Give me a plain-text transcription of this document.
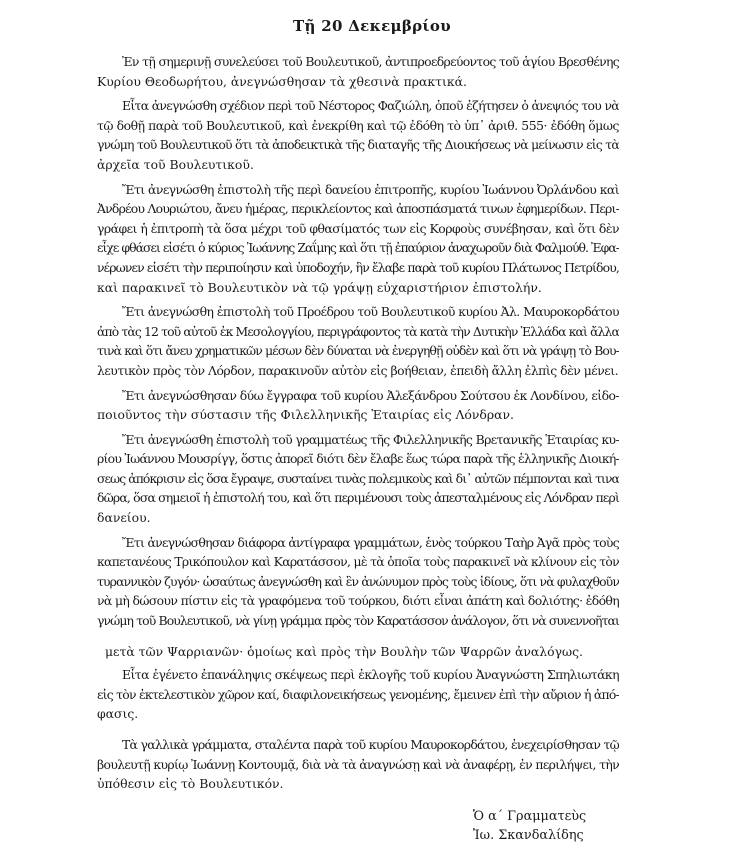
Τῇ 20 Δεκεμβρίου
Ἐν τῇ σημερινῇ συνελεύσει τοῦ Βουλευτικοῦ, ἀντιπροεδρεύοντος τοῦ ἁγίου Βρεσθένης
Κυρίου Θεοδωρήτου, ἀνεγνώσθησαν τὰ χθεσινὰ πρακτικά.
Εἶτα ἀνεγνώσθη σχέδιον περὶ τοῦ Νέστορος Φαζιώλη, ὁποῦ ἐζήτησεν ὁ ἀνεψιός του νὰ
τῷ δοθῇ παρὰ τοῦ Βουλευτικοῦ, καὶ ἐνεκρίθη καὶ τῷ ἐδόθη τὸ ὑπ᾽ ἀριθ. 555· ἐδόθη ὅμως
γνώμη τοῦ Βουλευτικοῦ ὅτι τὰ ἀποδεικτικὰ τῆς διαταγῆς τῆς Διοικήσεως νὰ μείνωσιν εἰς τὰ
ἀρχεῖα τοῦ Βουλευτικοῦ.
Ἔτι ἀνεγνώσθη ἐπιστολὴ τῆς περὶ δανείου ἐπιτροπῆς, κυρίου Ἰωάννου Ὀρλάνδου καὶ
Ἀνδρέου Λουριώτου, ἄνευ ἡμέρας, περικλείοντος καὶ ἀποσπάσματά τινων ἐφημερίδων. Περι-
γράφει ἡ ἐπιτροπὴ τὰ ὅσα μέχρι τοῦ φθασίματός των εἰς Κορφοὺς συνέβησαν, καὶ ὅτι δὲν
εἶχε φθάσει εἰσέτι ὁ κύριος Ἰωάννης Ζαΐμης καὶ ὅτι τῇ ἐπαύριον ἀναχωροῦν διὰ Φαλμούθ. Ἐφα-
νέρωνεν εἰσέτι τὴν περιποίησιν καὶ ὑποδοχήν, ἣν ἔλαβε παρὰ τοῦ κυρίου Πλάτωνος Πετρίδου,
καὶ παρακινεῖ τὸ Βουλευτικὸν νὰ τῷ γράψῃ εὐχαριστήριον ἐπιστολήν.
Ἔτι ἀνεγνώσθη ἐπιστολὴ τοῦ Προέδρου τοῦ Βουλευτικοῦ κυρίου Ἀλ. Μαυροκορδάτου
ἀπὸ τὰς 12 τοῦ αὐτοῦ ἐκ Μεσολογγίου, περιγράφοντος τὰ κατὰ τὴν Δυτικὴν Ἑλλάδα καὶ ἄλλα
τινὰ καὶ ὅτι ἄνευ χρηματικῶν μέσων δὲν δύναται νὰ ἐνεργηθῇ οὐδὲν καὶ ὅτι νὰ γράψῃ τὸ Βου-
λευτικὸν πρὸς τὸν Λόρδον, παρακινοῦν αὐτὸν εἰς βοήθειαν, ἐπειδὴ ἄλλη ἐλπὶς δὲν μένει.
Ἔτι ἀνεγνώσθησαν δύω ἔγγραφα τοῦ κυρίου Ἀλεξάνδρου Σούτσου ἐκ Λονδίνου, εἰδο-
ποιοῦντος τὴν σύστασιν τῆς Φιλελληνικῆς Ἑταιρίας εἰς Λόνδραν.
Ἔτι ἀνεγνώσθη ἐπιστολὴ τοῦ γραμματέως τῆς Φιλελληνικῆς Βρετανικῆς Ἑταιρίας κυ-
ρίου Ἰωάννου Μουσρίγγ, ὅστις ἀπορεῖ διότι δὲν ἔλαβε ἕως τώρα παρὰ τῆς ἑλληνικῆς Διοική-
σεως ἀπόκρισιν εἰς ὅσα ἔγραψε, συσταίνει τινὰς πολεμικοὺς καὶ δι᾽ αὐτῶν πέμπονται καὶ τινα
δῶρα, ὅσα σημειοῖ ἡ ἐπιστολή του, καὶ ὅτι περιμένουσι τοὺς ἀπεσταλμένους εἰς Λόνδραν περὶ
δανείου.
Ἔτι ἀνεγνώσθησαν διάφορα ἀντίγραφα γραμμάτων, ἑνὸς τούρκου Ταὴρ Ἀγᾶ πρὸς τοὺς
καπετανέους Τρικόπουλον καὶ Καρατάσσον, μὲ τὰ ὁποῖα τοὺς παρακινεῖ νὰ κλίνουν εἰς τὸν
τυραννικὸν ζυγόν· ὡσαύτως ἀνεγνώσθη καὶ ἓν ἀνώνυμον πρὸς τοὺς ἰδίους, ὅτι νὰ φυλαχθοῦν
νὰ μὴ δώσουν πίστιν εἰς τὰ γραφόμενα τοῦ τούρκου, διότι εἶναι ἀπάτη καὶ δολιότης· ἐδόθη
γνώμη τοῦ Βουλευτικοῦ, νὰ γίνῃ γράμμα πρὸς τὸν Καρατάσσον ἀνάλογον, ὅτι νὰ συνεννοῆται
μετὰ τῶν Ψαρριανῶν· ὁμοίως καὶ πρὸς τὴν Βουλὴν τῶν Ψαρρῶν ἀναλόγως.
Εἶτα ἐγένετο ἐπανάληψις σκέψεως περὶ ἐκλογῆς τοῦ κυρίου Ἀναγνώστη Σπηλιωτάκη
εἰς τὸν ἐκτελεστικὸν χῶρον καί, διαφιλονεικήσεως γενομένης, ἔμεινεν ἐπὶ τὴν αὔριον ἡ ἀπό-
φασις.
Τὰ γαλλικὰ γράμματα, σταλέντα παρὰ τοῦ κυρίου Μαυροκορδάτου, ἐνεχειρίσθησαν τῷ
βουλευτῇ κυρίῳ Ἰωάννῃ Κοντουμᾷ, διὰ νὰ τὰ ἀναγνώσῃ καὶ νὰ ἀναφέρῃ, ἐν περιλήψει, τὴν
ὑπόθεσιν εἰς τὸ Βουλευτικόν.
Ὁ α´ Γραμματεὺς
Ἰω. Σκανδαλίδης
